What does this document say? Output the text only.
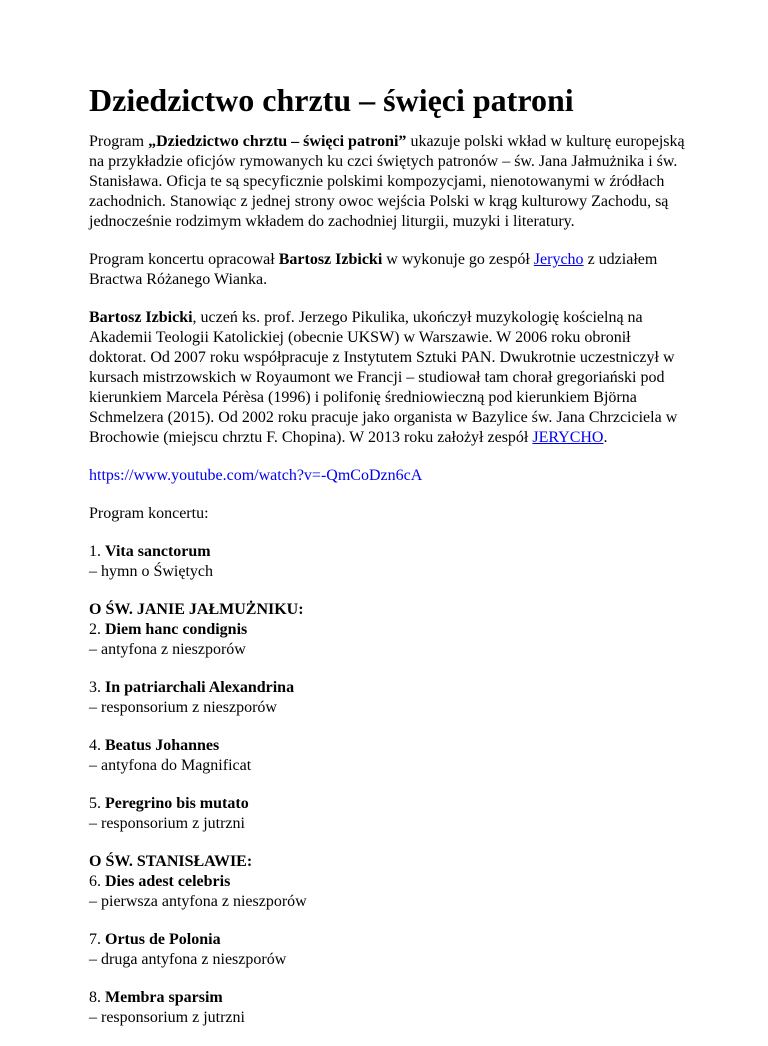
Dziedzictwo chrztu – święci patroni

Program „Dziedzictwo chrztu – święci patroni” ukazuje polski wkład w kulturę europejską na przykładzie oficjów rymowanych ku czci świętych patronów – św. Jana Jałmużnika i św. Stanisława. Oficja te są specyficznie polskimi kompozycjami, nienotowanymi w źródłach zachodnich. Stanowiąc z jednej strony owoc wejścia Polski w krąg kulturowy Zachodu, są jednocześnie rodzimym wkładem do zachodniej liturgii, muzyki i literatury.

Program koncertu opracował Bartosz Izbicki w wykonuje go zespół Jerycho z udziałem Bractwa Różanego Wianka.

Bartosz Izbicki, uczeń ks. prof. Jerzego Pikulika, ukończył muzykologię kościelną na Akademii Teologii Katolickiej (obecnie UKSW) w Warszawie. W 2006 roku obronił doktorat. Od 2007 roku współpracuje z Instytutem Sztuki PAN. Dwukrotnie uczestniczył w kursach mistrzowskich w Royaumont we Francji – studiował tam chorał gregoriański pod kierunkiem Marcela Pérèsa (1996) i polifonię średniowieczną pod kierunkiem Björna Schmelzera (2015). Od 2002 roku pracuje jako organista w Bazylice św. Jana Chrzciciela w Brochowie (miejscu chrztu F. Chopina). W 2013 roku założył zespół JERYCHO.

https://www.youtube.com/watch?v=-QmCoDzn6cA

Program koncertu:

1. Vita sanctorum
– hymn o Świętych
O ŚW. JANIE JAŁMUŻNIKU:
2. Diem hanc condignis
– antyfona z nieszporów
3. In patriarchali Alexandrina
– responsorium z nieszporów
4. Beatus Johannes
– antyfona do Magnificat
5. Peregrino bis mutato
– responsorium z jutrzni
O ŚW. STANISŁAWIE:
6. Dies adest celebris
– pierwsza antyfona z nieszporów
7. Ortus de Polonia
– druga antyfona z nieszporów
8. Membra sparsim
– responsorium z jutrzni
